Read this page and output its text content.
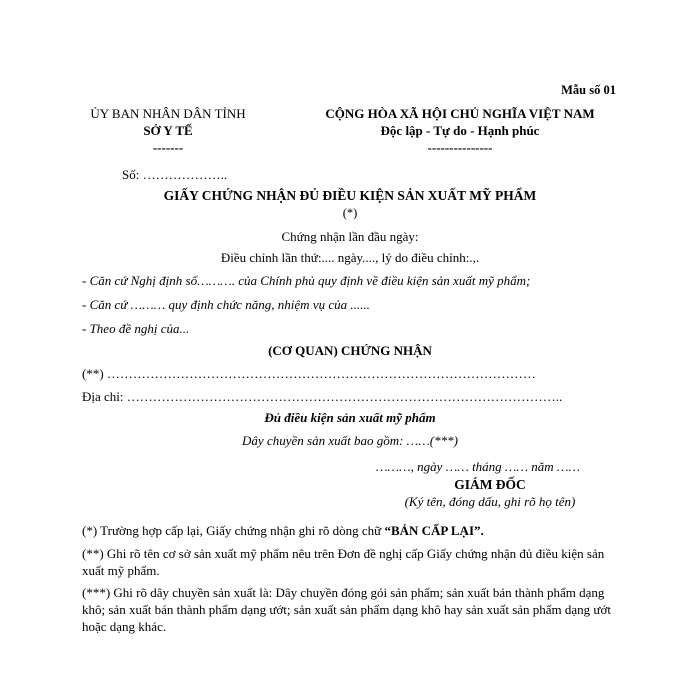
Mẫu số 01
ỦY BAN NHÂN DÂN TỈNH
SỞ Y TẾ
-------
CỘNG HÒA XÃ HỘI CHỦ NGHĨA VIỆT NAM
Độc lập - Tự do - Hạnh phúc
---------------
Số: ………………..
GIẤY CHỨNG NHẬN ĐỦ ĐIỀU KIỆN SẢN XUẤT MỸ PHẨM
(*)
Chứng nhận lần đầu ngày:
Điều chỉnh lần thứ:.... ngày...., lý do điều chỉnh:.,.
- Căn cứ Nghị định số………. của Chính phủ quy định về điều kiện sản xuất mỹ phẩm;
- Căn cứ ……… quy định chức năng, nhiệm vụ của ......
- Theo đề nghị của...
(CƠ QUAN) CHỨNG NHẬN
(**) ………………………………………………………………………………………
Địa chỉ: ………………………………………………………………………………………..
Đủ điều kiện sản xuất mỹ phẩm
Dây chuyền sản xuất bao gồm: ……(***)
………, ngày …… tháng …… năm ……
GIÁM ĐỐC
(Ký tên, đóng dấu, ghi rõ họ tên)
(*) Trường hợp cấp lại, Giấy chứng nhận ghi rõ dòng chữ “BẢN CẤP LẠI”.
(**) Ghi rõ tên cơ sở sản xuất mỹ phẩm nêu trên Đơn đề nghị cấp Giấy chứng nhận đủ điều kiện sản xuất mỹ phẩm.
(***) Ghi rõ dây chuyền sản xuất là: Dây chuyền đóng gói sản phẩm; sản xuất bán thành phẩm dạng khô; sản xuất bán thành phẩm dạng ướt; sản xuất sản phẩm dạng khô hay sản xuất sản phẩm dạng ướt hoặc dạng khác.
